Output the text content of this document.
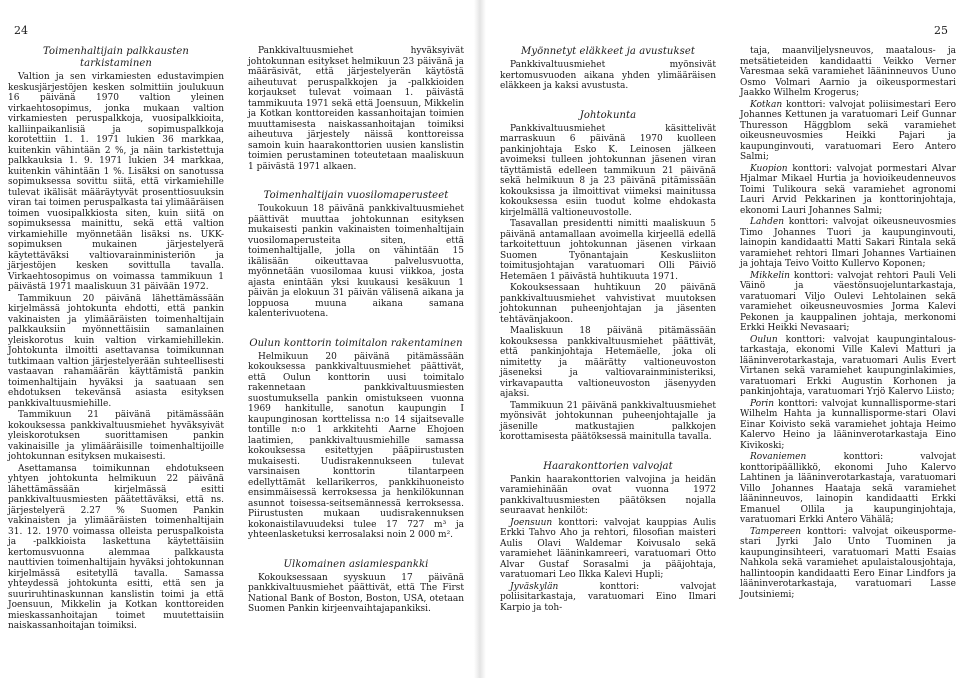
24
Toimenhaltijain palkkausten tarkistaminen

Valtion ja sen virkamiesten edustavimpien keskusjärjestöjen kesken solmittiin joulukuun 16 päivänä 1970 valtion yleinen virkaehtosopimus, jonka mukaan valtion virkamiesten peruspalkkoja, vuosipalkkioita, kalliinpaikanlisiä ja sopimuspalkkoja korotettiin 1. 1. 1971 lukien 36 markkaa, kuitenkin vähintään 2 %, ja näin tarkistettuja palkkauksia 1. 9. 1971 lukien 34 markkaa, kuitenkin vähintään 1 %. Lisäksi on sanotussa sopimuksessa sovittu siitä, että virkamiehille tulevat ikälisät määräytyvät prosenttiosuuksin viran tai toimen peruspalkasta tai ylimääräisen toimen vuosipalkkiosta siten, kuin siitä on sopimuksessa mainittu, sekä että valtion virkamiehille myönnetään lisäksi ns. UKK-sopimuksen mukainen järjestelyerä käytettäväksi valtiovarainministeriön ja järjestöjen kesken sovittulla tavalla. Virkaehtosopimus on voimassa tammikuun 1 päivästä 1971 maaliskuun 31 päivään 1972.

Tammikuun 20 päivänä lähettämässään kirjelmässä johtokunta ehdotti, että pankin vakinaisten ja ylimääräisten toimenhaltijain palkkauksiin myönnettäisiin samanlainen yleiskorotus kuin valtion virkamiehillekin. Johtokunta ilmoitti asettavansa toimikunnan tutkimaan valtion järjestelyerään suhteellisesti vastaavan rahamäärän käyttämistä pankin toimenhaltijain hyväksi ja saatuaan sen ehdotuksen tekevänsä asiasta esityksen pankkivaltuusmiehille.

Tammikuun 21 päivänä pitämässään kokouksessa pankkivaltuusmiehet hyväksyivät yleiskorotuksen suorittamisen pankin vakinaisille ja ylimääräisille toimenhaltijoille johtokunnan esityksen mukaisesti.

Asettamansa toimikunnan ehdotukseen yhtyen johtokunta helmikuun 22 päivänä lähettämässään kirjelmässä esitti pankkivaltuusmiesten päätettäväksi, että ns. järjestelyerä 2.27 % Suomen Pankin vakinaisten ja ylimääräisten toimenhaltijain 31. 12. 1970 voimassa olleista peruspalkoista ja -palkkioista laskettuna käytettäisiin kertomusvuonna alemmaa palkkausta nauttivien toimenhaltijain hyväksi johtokunnan kirjelmässä esitetyllä tavalla. Samassa yhteydessä johtokunta esitti, että sen ja suuriruhtinaskunnan kanslistin toimi ja että Joensuun, Mikkelin ja Kotkan konttoreiden mieskassanhoitajan toimet muutettaisiin naiskassanhoitajan toimiksi.

Pankkivaltuusmiehet hyväksyivät johtokunnan esitykset helmikuun 23 päivänä ja määräsivät, että järjestelyerän käytöstä aiheutuvat peruspalkkojen ja -palkkioiden korjaukset tulevat voimaan 1. päivästä tammikuuta 1971 sekä että Joensuun, Mikkelin ja Kotkan konttoreiden kassanhoitajan toimien muuttamisesta naiskassanhoitajan toimiksi aiheutuva järjestely näissä konttoreissa samoin kuin haarakonttorien uusien kanslistin toimien perustaminen toteutetaan maaliskuun 1 päivästä 1971 alkaen.

Toimenhaltijain vuosilomaperusteet

Toukokuun 18 päivänä pankkivaltuusmiehet päättivät muuttaa johtokunnan esityksen mukaisesti pankin vakinaisten toimenhaltijain vuosilomaperusteita siten, että toimenhaltijalle, jolla on vähintään 15 ikälisään oikeuttavaa palvelusvuotta, myönnetään vuosilomaa kuusi viikkoa, josta ajasta enintään yksi kuukausi kesäkuun 1 päivän ja elokuun 31 päivän välisenä aikana ja loppuosa muuna aikana samana kalenterivuotena.

Oulun konttorin toimitalon rakentaminen

Helmikuun 20 päivänä pitämässään kokouksessa pankkivaltuusmiehet päättivät, että Oulun konttorin uusi toimitalo rakennetaan pankkivaltuusmiesten suostumuksella pankin omistukseen vuonna 1969 hankitulle, sanotun kaupungin I kaupunginosan korttelissa n:o 14 sijaitsevalle tontille n:o 1 arkkitehti Aarne Ehojoen laatimien, pankkivaltuusmiehille samassa kokouksessa esitettyjen pääpiirustusten mukaisesti. Uudisrakennukseen tulevat varsinaisen konttorin tilantarpeen edellyttämät kellarikerros, pankkihuoneisto ensimmäisessä kerroksessa ja henkilökunnan asunnot toisessa-seitsemännessä kerroksessa. Piirustusten mukaan uudisrakennuksen kokonaistilavuudeksi tulee 17 727 m³ ja yhteenlasketuksi kerrosalaksi noin 2 000 m².

Ulkomainen asiamiespankki

Kokouksessaan syyskuun 17 päivänä pankkivaltuusmiehet päättivät, että The First National Bank of Boston, Boston, USA, otetaan Suomen Pankin kirjeenvaihtajapankiksi.

25
Myönnetyt eläkkeet ja avustukset

Pankkivaltuusmiehet myönsivät kertomusvuoden aikana yhden ylimääräisen eläkkeen ja kaksi avustusta.

Johtokunta

Pankkivaltuusmiehet käsittelivät marraskuun 6 päivänä 1970 kuolleen pankinjohtaja Esko K. Leinosen jälkeen avoimeksi tulleen johtokunnan jäsenen viran täyttämistä edelleen tammikuun 21 päivänä sekä helmikuun 8 ja 23 päivänä pitämissään kokouksissa ja ilmoittivat viimeksi mainitussa kokouksessa esiin tuodut kolme ehdokasta kirjelmällä valtioneuvostolle.

Tasavallan presidentti nimitti maaliskuun 5 päivänä antamallaan avoimella kirjeellä edellä tarkoitettuun johtokunnan jäsenen virkaan Suomen Työnantajain Keskusliiton toimitusjohtajan varatuomari Olli Päiviö Hetemäen 1 päivästä huhtikuuta 1971.

Kokouksessaan huhtikuun 20 päivänä pankkivaltuusmiehet vahvistivat muutoksen johtokunnan puheenjohtajan ja jäsenten tehtävänjakoon.

Maaliskuun 18 päivänä pitämässään kokouksessa pankkivaltuusmiehet päättivät, että pankinjohtaja Hetemäelle, joka oli nimitetty ja määrätty valtioneuvoston jäseneksi ja valtiovarainministeriksi, virkavapautta valtioneuvoston jäsenyyden ajaksi.

Tammikuun 21 päivänä pankkivaltuusmiehet myönsivät johtokunnan puheenjohtajalle ja jäsenille matkustajien palkkojen korottamisesta päätöksessä mainitulla tavalla.

Haarakonttorien valvojat

Pankin haarakonttorien valvojina ja heidän varamiehinään ovat vuonna 1972 pankkivaltuusmiesten päätöksen nojalla seuraavat henkilöt:

Joensuun konttori: valvojat kauppias Aulis Erkki Tahvo Aho ja rehtori, filosofian maisteri Aulis Olavi Waldemar Koivusalo sekä varamiehet lääninkamreeri, varatuomari Otto Alvar Gustaf Sorasalmi ja pääjohtaja, varatuomari Leo Ilkka Kalevi Hupli;

Jyväskylän	konttori: valvojat poliisitarkastaja, varatuomari Eino Ilmari Karpio ja toh-

taja, maanviljelysneuvos, maatalous- ja metsätieteiden kandidaatti Veikko Verner Varesmaa sekä varamiehet lääninneuvos Uuno Osmo Volmari Aarnio ja oikeuspormestari Jaakko Wilhelm Krogerus;

Kotkan konttori: valvojat poliisimestari Eero Johannes Kettunen ja varatuomari Leif Gunnar Thuresson Häggblom sekä varamiehet oikeusneuvosmies Heikki Pajari ja kaupunginvouti, varatuomari Eero Antero Salmi;

Kuopion konttori: valvojat pormestari Alvar Hjalmar Mikael Hurtia ja hovioikeudenneuvos Toimi Tulikoura sekä varamiehet agronomi Lauri Arvid Pekkarinen ja konttorinjohtaja, ekonomi Lauri Johannes Salmi;

Lahden konttori: valvojat oikeusneuvosmies Timo Johannes Tuori ja kaupunginvouti, lainopin kandidaatti Matti Sakari Rintala sekä varamiehet rehtori Ilmari Johannes Vartiainen ja johtaja Teivo Voitto Kullervo Koponen;

Mikkelin konttori: valvojat rehtori Pauli Veli Väinö ja väestönsuojeluntarkastaja, varatuomari Viljo Oulevi Lehtolainen sekä varamiehet oikeusneuvosmies Jorma Kalevi Pekonen ja kauppalinen johtaja, merkonomi Erkki Heikki Nevasaari;

Oulun konttori: valvojat kaupungintalous-tarkastaja, ekonomi Ville Kalevi Matturi ja lääninverotarkastaja, varatuomari Aulis Evert Virtanen sekä varamiehet kaupunginlakimies, varatuomari Erkki Augustin Korhonen ja pankinjohtaja, varatuomari Yrjö Kalervo Liisto;

Porin konttori: valvojat kunnallisporme-stari Wilhelm Hahta ja kunnallisporme-stari Olavi Einar Koivisto sekä varamiehet johtaja Heimo Kalervo Heino ja lääninverotarkastaja Eino Kivikoski;

Rovaniemen	konttori: valvojat konttoripäällikkö, ekonomi Juho Kalervo Lahtinen ja lääninverotarkastaja, varatuomari Villo Johannes Haataja sekä varamiehet lääninneuvos, lainopin kandidaatti Erkki Emanuel Ollila ja kaupunginjohtaja, varatuomari Erkki Antero Vähälä;

Tampereen konttori: valvojat oikeusporme-stari Jyrki Jalo Unto Tuominen ja kaupunginsihteeri, varatuomari Matti Esaias Nahkola sekä varamiehet apulaistalousjohtaja, hallintoopin kandidaatti Eero Einar Lindfors ja lääninverotarkastaja, varatuomari Lasse Joutsiniemi;
